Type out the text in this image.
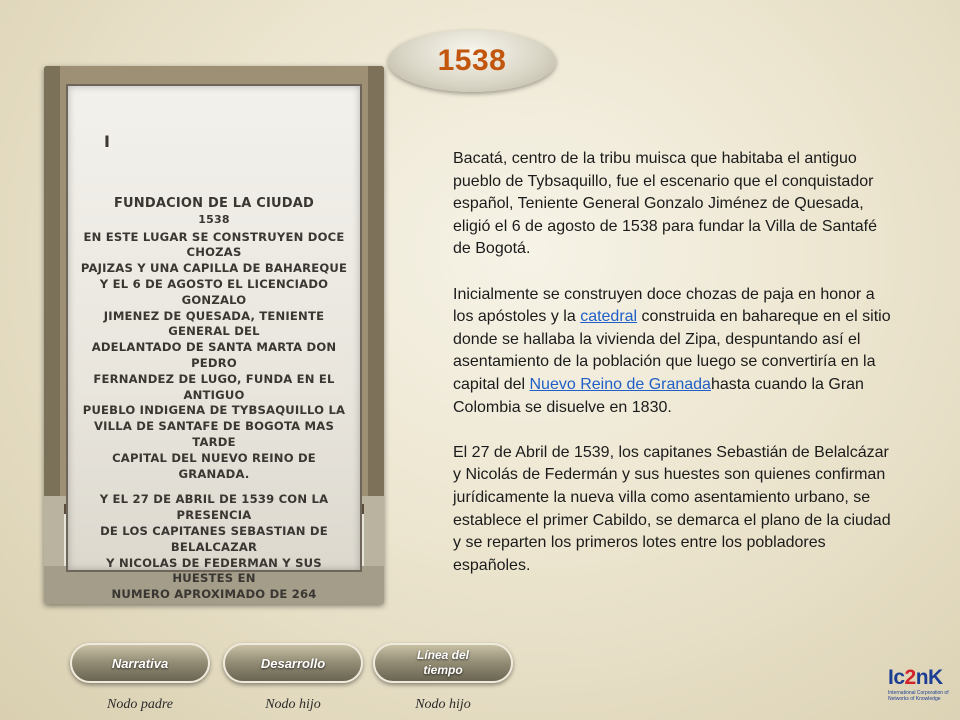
1538
I
FUNDACION DE LA CIUDAD
1538

EN ESTE LUGAR SE CONSTRUYEN DOCE CHOZAS
PAJIZAS Y UNA CAPILLA DE BAHAREQUE
Y EL 6 DE AGOSTO EL LICENCIADO GONZALO
JIMENEZ DE QUESADA, TENIENTE GENERAL DEL
ADELANTADO DE SANTA MARTA DON PEDRO
FERNANDEZ DE LUGO, FUNDA EN EL ANTIGUO
PUEBLO INDIGENA DE TYBSAQUILLO LA
VILLA DE SANTAFE DE BOGOTA MAS TARDE
CAPITAL DEL NUEVO REINO DE GRANADA.

Y EL 27 DE ABRIL DE 1539 CON LA PRESENCIA
DE LOS CAPITANES SEBASTIAN DE BELALCAZAR
Y NICOLAS DE FEDERMAN Y SUS HUESTES EN
NUMERO APROXIMADO DE 264

Bacatá, centro de la tribu muisca que habitaba el antiguo pueblo de Tybsaquillo, fue el escenario que el conquistador español, Teniente General Gonzalo Jiménez de Quesada, eligió el 6 de agosto de 1538 para fundar la Villa de Santafé de Bogotá.

Inicialmente se construyen doce chozas de paja en honor a los apóstoles y la catedral construida en bahareque en el sitio donde se hallaba la vivienda del Zipa, despuntando así el asentamiento de la población que luego se convertiría en la capital del Nuevo Reino de Granadahasta cuando la Gran Colombia se disuelve en 1830.

El 27 de Abril de 1539, los capitanes Sebastián de Belalcázar y Nicolás de Federmán y sus huestes son quienes confirman jurídicamente la nueva villa como asentamiento urbano, se establece el primer Cabildo, se demarca el plano de la ciudad y se reparten los primeros lotes entre los pobladores españoles.

Narrativa
Nodo padre
Desarrollo
Nodo hijo
Línea del tiempo
Nodo hijo
Ic2nK
International Corporation of Networks of Knowledge
